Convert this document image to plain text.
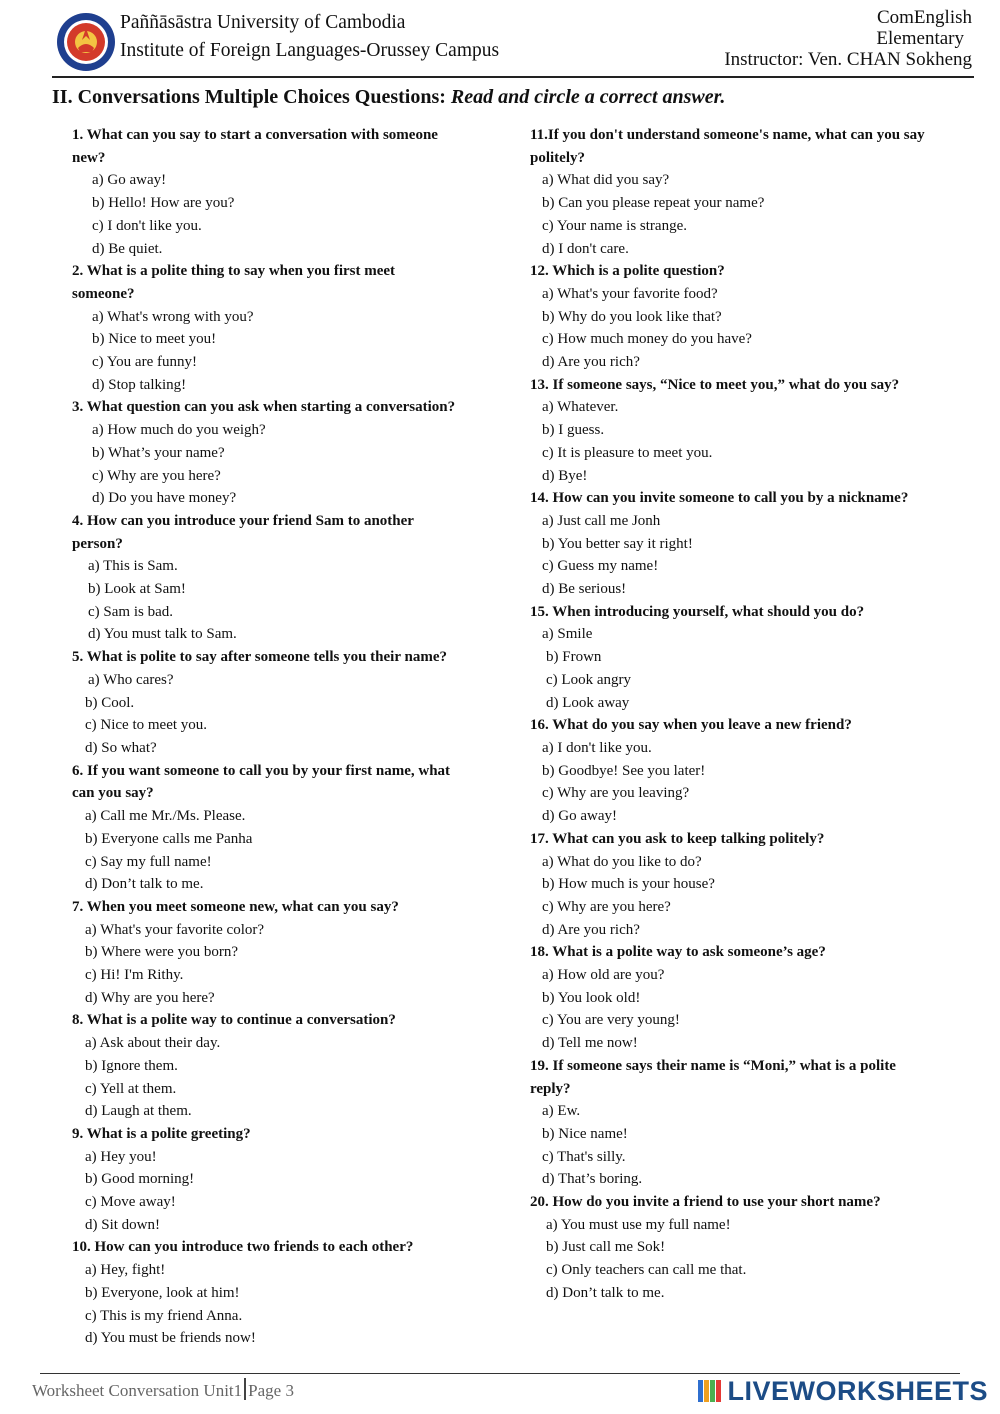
Paññāsāstra University of Cambodia
Institute of Foreign Languages-Orussey Campus
ComEnglish
Elementary
Instructor: Ven. CHAN Sokheng
II. Conversations Multiple Choices Questions: Read and circle a correct answer.
1. What can you say to start a conversation with someone
new?
a) Go away!
b) Hello! How are you?
c) I don't like you.
d) Be quiet.
2. What is a polite thing to say when you first meet
someone?
a) What's wrong with you?
b) Nice to meet you!
c) You are funny!
d) Stop talking!
3. What question can you ask when starting a conversation?
a) How much do you weigh?
b) What’s your name?
c) Why are you here?
d) Do you have money?
4. How can you introduce your friend Sam to another
person?
a) This is Sam.
b) Look at Sam!
c) Sam is bad.
d) You must talk to Sam.
5. What is polite to say after someone tells you their name?
a) Who cares?
b) Cool.
c) Nice to meet you.
d) So what?
6. If you want someone to call you by your first name, what
can you say?
a) Call me Mr./Ms. Please.
b) Everyone calls me Panha
c) Say my full name!
d) Don’t talk to me.
7. When you meet someone new, what can you say?
a) What's your favorite color?
b) Where were you born?
c) Hi! I'm Rithy.
d) Why are you here?
8. What is a polite way to continue a conversation?
a) Ask about their day.
b) Ignore them.
c) Yell at them.
d) Laugh at them.
9. What is a polite greeting?
a) Hey you!
b) Good morning!
c) Move away!
d) Sit down!
10. How can you introduce two friends to each other?
a) Hey, fight!
b) Everyone, look at him!
c) This is my friend Anna.
d) You must be friends now!
11.If you don't understand someone's name, what can you say
politely?
a) What did you say?
b) Can you please repeat your name?
c) Your name is strange.
d) I don't care.
12. Which is a polite question?
a) What's your favorite food?
b) Why do you look like that?
c) How much money do you have?
d) Are you rich?
13. If someone says, “Nice to meet you,” what do you say?
a) Whatever.
b) I guess.
c) It is pleasure to meet you.
d) Bye!
14. How can you invite someone to call you by a nickname?
a) Just call me Jonh
b) You better say it right!
c) Guess my name!
d) Be serious!
15. When introducing yourself, what should you do?
a) Smile
b) Frown
c) Look angry
d) Look away
16. What do you say when you leave a new friend?
a) I don't like you.
b) Goodbye! See you later!
c) Why are you leaving?
d) Go away!
17. What can you ask to keep talking politely?
a) What do you like to do?
b) How much is your house?
c) Why are you here?
d) Are you rich?
18. What is a polite way to ask someone’s age?
a) How old are you?
b) You look old!
c) You are very young!
d) Tell me now!
19. If someone says their name is “Moni,” what is a polite
reply?
a) Ew.
b) Nice name!
c) That's silly.
d) That’s boring.
20. How do you invite a friend to use your short name?
a) You must use my full name!
b) Just call me Sok!
c) Only teachers can call me that.
d) Don’t talk to me.
Worksheet Conversation Unit1 Page 3	LIVEWORKSHEETS
